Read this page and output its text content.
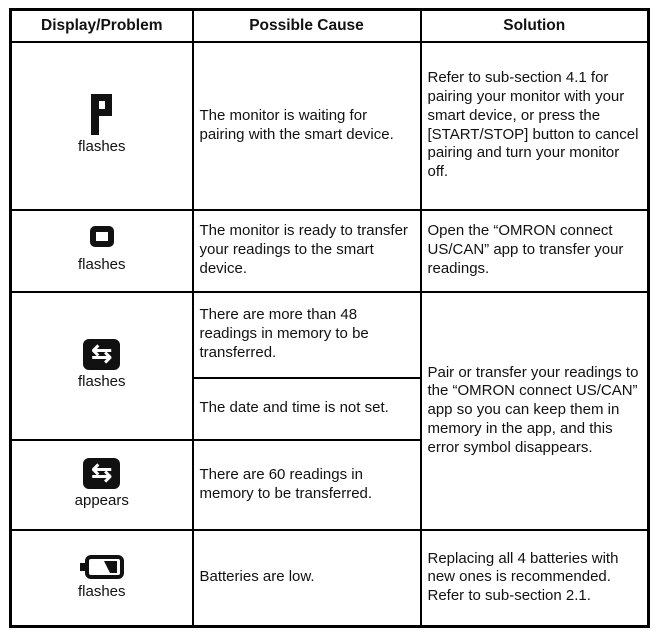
Display/Problem	Possible Cause	Solution

flashes	The monitor is waiting for pairing with the smart device.	Refer to sub-section 4.1 for pairing your monitor with your smart device, or press the [START/STOP] button to cancel pairing and turn your monitor off.

flashes	The monitor is ready to transfer your readings to the smart device.	Open the “OMRON connect US/CAN” app to transfer your readings.

⇆
flashes	There are more than 48 readings in memory to be transferred.	Pair or transfer your readings to the “OMRON connect US/CAN” app so you can keep them in memory in the app, and this error symbol disappears.
	The date and time is not set.	

⇆
appears	There are 60 readings in memory to be transferred.	

flashes	Batteries are low.	Replacing all 4 batteries with new ones is recommended. Refer to sub-section 2.1.
